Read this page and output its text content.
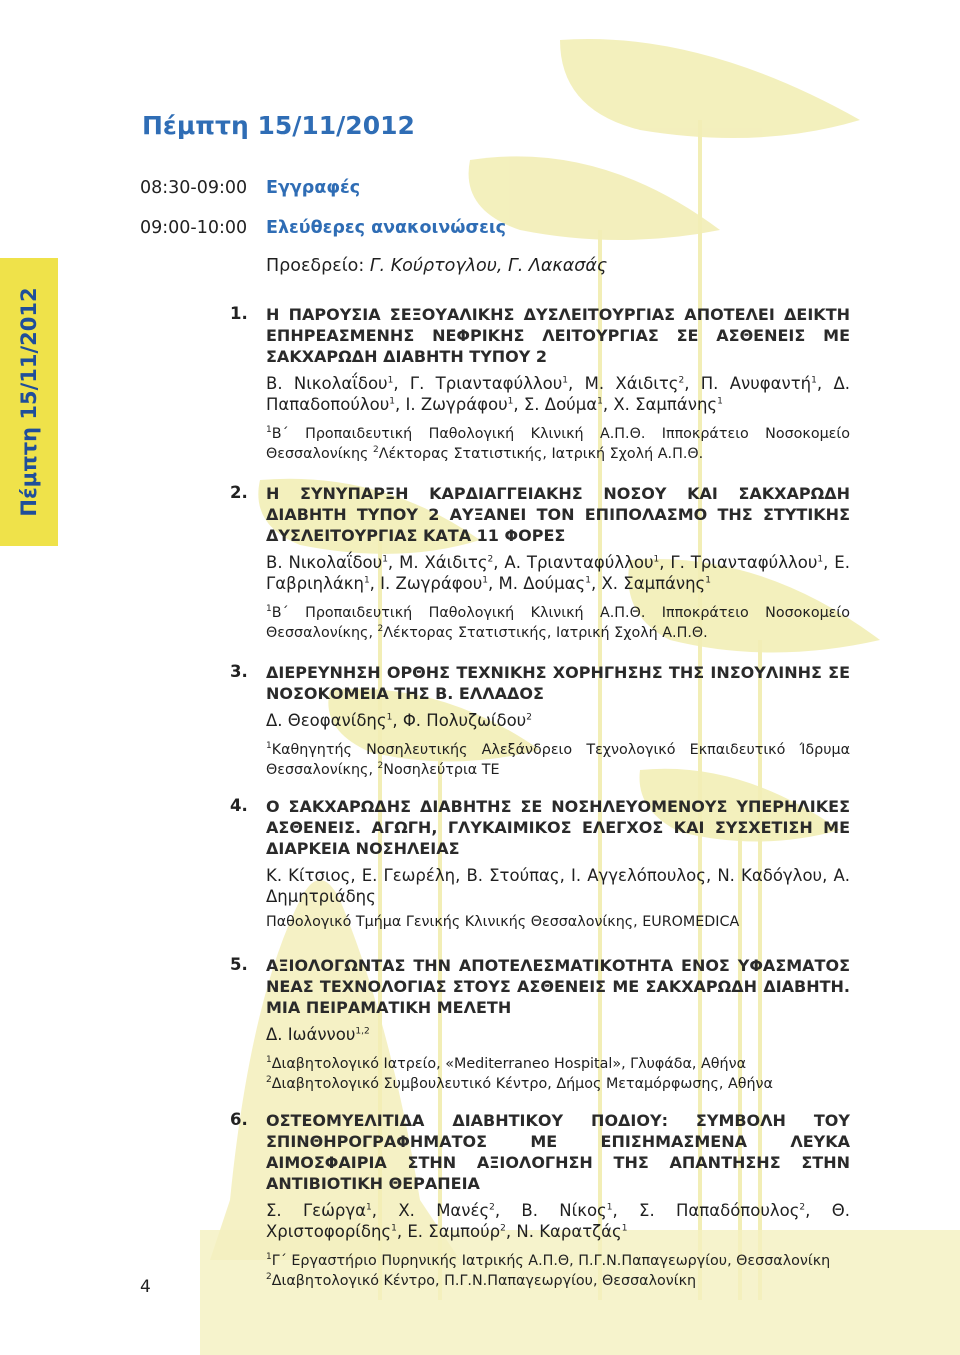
Πέμπτη 15/11/2012
4
Πέμπτη 15/11/2012
08:30-09:00 Εγγραφές
09:00-10:00 Ελεύθερες ανακοινώσεις
Προεδρείο: Γ. Κούρτογλου, Γ. Λακασάς
1. Η ΠΑΡΟΥΣΙΑ ΣΕΞΟΥΑΛΙΚΗΣ ΔΥΣΛΕΙΤΟΥΡΓΙΑΣ ΑΠΟΤΕΛΕΙ ΔΕΙΚΤΗ ΕΠΗΡΕΑΣΜΕΝΗΣ ΝΕΦΡΙΚΗΣ ΛΕΙΤΟΥΡΓΙΑΣ ΣΕ ΑΣΘΕΝΕΙΣ ΜΕ ΣΑΚΧΑΡΩΔΗ ΔΙΑΒΗΤΗ ΤΥΠΟΥ 2
Β. Νικολαΐδου$^1$, Γ. Τριανταφύλλου$^1$, Μ. Χάιδιτς$^2$, Π. Ανυφαντή$^1$, Δ. Παπαδοπούλου$^1$, Ι. Ζωγράφου$^1$, Σ. Δούμα$^1$, Χ. Σαμπάνης$^1$
$^1$Β΄ Προπαιδευτική Παθολογική Κλινική Α.Π.Θ. Ιπποκράτειο Νοσοκομείο Θεσσαλονίκης $^2$Λέκτορας Στατιστικής, Ιατρική Σχολή Α.Π.Θ.
2. Η ΣΥΝΥΠΑΡΞΗ ΚΑΡΔΙΑΓΓΕΙΑΚΗΣ ΝΟΣΟΥ ΚΑΙ ΣΑΚΧΑΡΩΔΗ ΔΙΑΒΗΤΗ ΤΥΠΟΥ 2 ΑΥΞΑΝΕΙ ΤΟΝ ΕΠΙΠΟΛΑΣΜΟ ΤΗΣ ΣΤΥΤΙΚΗΣ ΔΥΣΛΕΙΤΟΥΡΓΙΑΣ ΚΑΤΑ 11 ΦΟΡΕΣ
Β. Νικολαΐδου$^1$, Μ. Χάιδιτς$^2$, Α. Τριανταφύλλου$^1$, Γ. Τριανταφύλλου$^1$, Ε. Γαβριηλάκη$^1$, Ι. Ζωγράφου$^1$, Μ. Δούμας$^1$, Χ. Σαμπάνης$^1$
$^1$Β΄ Προπαιδευτική Παθολογική Κλινική Α.Π.Θ. Ιπποκράτειο Νοσοκομείο Θεσσαλονίκης, $^2$Λέκτορας Στατιστικής, Ιατρική Σχολή Α.Π.Θ.
3. ΔΙΕΡΕΥΝΗΣΗ ΟΡΘΗΣ ΤΕΧΝΙΚΗΣ ΧΟΡΗΓΗΣΗΣ ΤΗΣ ΙΝΣΟΥΛΙΝΗΣ ΣΕ ΝΟΣΟΚΟΜΕΙΑ ΤΗΣ Β. ΕΛΛΑΔΟΣ
Δ. Θεοφανίδης$^1$, Φ. Πολυζωίδου$^2$
$^1$Καθηγητής Νοσηλευτικής Αλεξάνδρειο Τεχνολογικό Εκπαιδευτικό Ίδρυμα Θεσσαλονίκης, $^2$Νοσηλεύτρια ΤΕ
4. Ο ΣΑΚΧΑΡΩΔΗΣ ΔΙΑΒΗΤΗΣ ΣΕ ΝΟΣΗΛΕΥΟΜΕΝΟΥΣ ΥΠΕΡΗΛΙΚΕΣ ΑΣΘΕΝΕΙΣ. ΑΓΩΓΗ, ΓΛΥΚΑΙΜΙΚΟΣ ΕΛΕΓΧΟΣ ΚΑΙ ΣΥΣΧΕΤΙΣΗ ΜΕ ΔΙΑΡΚΕΙΑ ΝΟΣΗΛΕΙΑΣ
Κ. Κίτσιος, Ε. Γεωρέλη, Β. Στούπας, Ι. Αγγελόπουλος, Ν. Καδόγλου, Α. Δημητριάδης
Παθολογικό Τμήμα Γενικής Κλινικής Θεσσαλονίκης, EUROMEDICA
5. ΑΞΙΟΛΟΓΩΝΤΑΣ ΤΗΝ ΑΠΟΤΕΛΕΣΜΑΤΙΚΟΤΗΤΑ ΕΝΟΣ ΥΦΑΣΜΑΤΟΣ ΝΕΑΣ ΤΕΧΝΟΛΟΓΙΑΣ ΣΤΟΥΣ ΑΣΘΕΝΕΙΣ ΜΕ ΣΑΚΧΑΡΩΔΗ ΔΙΑΒΗΤΗ. ΜΙΑ ΠΕΙΡΑΜΑΤΙΚΗ ΜΕΛΕΤΗ
Δ. Ιωάννου$^{1,2}$
$^1$Διαβητολογικό Ιατρείο, «Mediterraneo Hospital», Γλυφάδα, Αθήνα
$^2$Διαβητολογικό Συμβουλευτικό Κέντρο, Δήμος Μεταμόρφωσης, Αθήνα
6. ΟΣΤΕΟΜΥΕΛΙΤΙΔΑ ΔΙΑΒΗΤΙΚΟΥ ΠΟΔΙΟΥ: ΣΥΜΒΟΛΗ ΤΟΥ ΣΠΙΝΘΗΡΟΓΡΑΦΗΜΑΤΟΣ ΜΕ ΕΠΙΣΗΜΑΣΜΕΝΑ ΛΕΥΚΑ ΑΙΜΟΣΦΑΙΡΙΑ ΣΤΗΝ ΑΞΙΟΛΟΓΗΣΗ ΤΗΣ ΑΠΑΝΤΗΣΗΣ ΣΤΗΝ ΑΝΤΙΒΙΟΤΙΚΗ ΘΕΡΑΠΕΙΑ
Σ. Γεώργα$^1$, Χ. Μανές$^2$, Β. Νίκος$^1$, Σ. Παπαδόπουλος$^2$, Θ. Χριστοφορίδης$^1$, Ε. Σαμπούρ$^2$, Ν. Καρατζάς$^1$
$^1$Γ΄ Εργαστήριο Πυρηνικής Ιατρικής Α.Π.Θ, Π.Γ.Ν.Παπαγεωργίου, Θεσσαλονίκη
$^2$Διαβητολογικό Κέντρο, Π.Γ.Ν.Παπαγεωργίου, Θεσσαλονίκη
